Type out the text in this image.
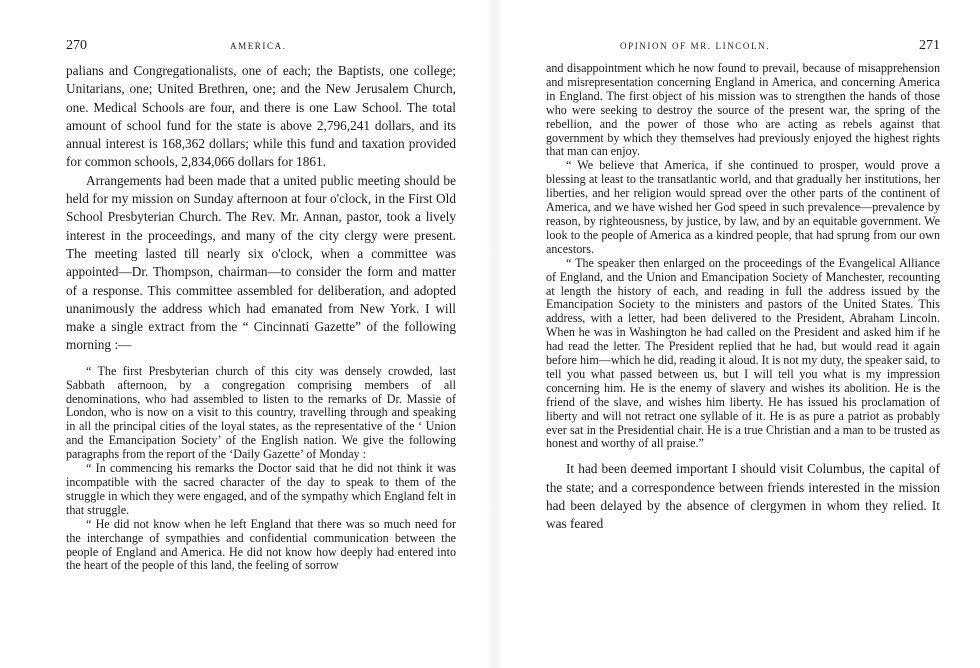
270	AMERICA.

palians and Congregationalists, one of each; the Baptists, one college; Unitarians, one; United Brethren, one; and the New Jerusalem Church, one. Medical Schools are four, and there is one Law School. The total amount of school fund for the state is above 2,796,241 dollars, and its annual interest is 168,362 dollars; while this fund and taxation provided for common schools, 2,834,066 dollars for 1861.

Arrangements had been made that a united public meeting should be held for my mission on Sunday afternoon at four o'clock, in the First Old School Presbyterian Church. The Rev. Mr. Annan, pastor, took a lively interest in the proceedings, and many of the city clergy were present. The meeting lasted till nearly six o'clock, when a committee was appointed—Dr. Thompson, chairman—to consider the form and matter of a response. This committee assembled for deliberation, and adopted unanimously the address which had emanated from New York. I will make a single extract from the “ Cincinnati Gazette” of the following morning :—

“ The first Presbyterian church of this city was densely crowded, last Sabbath afternoon, by a congregation comprising members of all denominations, who had assembled to listen to the remarks of Dr. Massie of London, who is now on a visit to this country, travelling through and speaking in all the principal cities of the loyal states, as the representative of the ‘ Union and the Emancipation Society’ of the English nation. We give the following paragraphs from the report of the ‘Daily Gazette’ of Monday :

“ In commencing his remarks the Doctor said that he did not think it was incompatible with the sacred character of the day to speak to them of the struggle in which they were engaged, and of the sympathy which England felt in that struggle.

“ He did not know when he left England that there was so much need for the interchange of sympathies and confidential communication between the people of England and America. He did not know how deeply had entered into the heart of the people of this land, the feeling of sorrow

OPINION OF MR. LINCOLN.	271

and disappointment which he now found to prevail, because of misapprehension and misrepresentation concerning England in America, and concerning America in England. The first object of his mission was to strengthen the hands of those who were seeking to destroy the source of the present war, the spring of the rebellion, and the power of those who are acting as rebels against that government by which they themselves had previously enjoyed the highest rights that man can enjoy.

“ We believe that America, if she continued to prosper, would prove a blessing at least to the transatlantic world, and that gradually her institutions, her liberties, and her religion would spread over the other parts of the continent of America, and we have wished her God speed in such prevalence—prevalence by reason, by righteousness, by justice, by law, and by an equitable government. We look to the people of America as a kindred people, that had sprung from our own ancestors.

“ The speaker then enlarged on the proceedings of the Evangelical Alliance of England, and the Union and Emancipation Society of Manchester, recounting at length the history of each, and reading in full the address issued by the Emancipation Society to the ministers and pastors of the United States. This address, with a letter, had been delivered to the President, Abraham Lincoln. When he was in Washington he had called on the President and asked him if he had read the letter. The President replied that he had, but would read it again before him—which he did, reading it aloud. It is not my duty, the speaker said, to tell you what passed between us, but I will tell you what is my impression concerning him. He is the enemy of slavery and wishes its abolition. He is the friend of the slave, and wishes him liberty. He has issued his proclamation of liberty and will not retract one syllable of it. He is as pure a patriot as probably ever sat in the Presidential chair. He is a true Christian and a man to be trusted as honest and worthy of all praise.”

It had been deemed important I should visit Columbus, the capital of the state; and a correspondence between friends interested in the mission had been delayed by the absence of clergymen in whom they relied. It was feared
